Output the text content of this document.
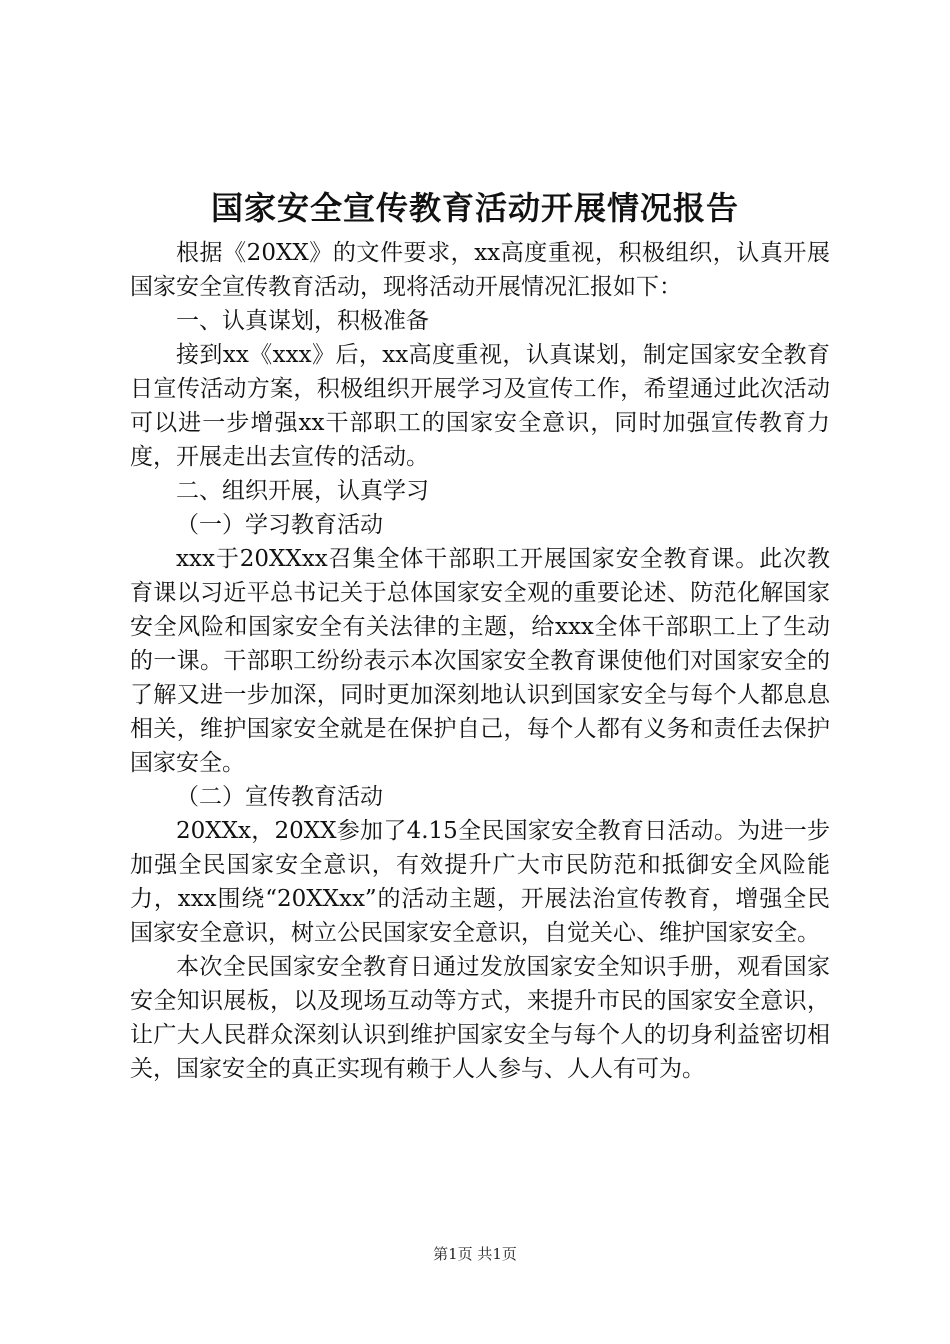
国家安全宣传教育活动开展情况报告

根据《20XX》的文件要求，xx高度重视，积极组织，认真开展国家安全宣传教育活动，现将活动开展情况汇报如下：

一、认真谋划，积极准备

接到xx《xxx》后，xx高度重视，认真谋划，制定国家安全教育日宣传活动方案，积极组织开展学习及宣传工作，希望通过此次活动可以进一步增强xx干部职工的国家安全意识，同时加强宣传教育力度，开展走出去宣传的活动。

二、组织开展，认真学习

（一）学习教育活动

xxx于20XXxx召集全体干部职工开展国家安全教育课。此次教育课以习近平总书记关于总体国家安全观的重要论述、防范化解国家安全风险和国家安全有关法律的主题，给xxx全体干部职工上了生动的一课。干部职工纷纷表示本次国家安全教育课使他们对国家安全的了解又进一步加深，同时更加深刻地认识到国家安全与每个人都息息相关，维护国家安全就是在保护自己，每个人都有义务和责任去保护国家安全。

（二）宣传教育活动

20XXx，20XX参加了4.15全民国家安全教育日活动。为进一步加强全民国家安全意识，有效提升广大市民防范和抵御安全风险能力，xxx围绕“20XXxx”的活动主题，开展法治宣传教育，增强全民国家安全意识，树立公民国家安全意识，自觉关心、维护国家安全。

本次全民国家安全教育日通过发放国家安全知识手册，观看国家安全知识展板，以及现场互动等方式，来提升市民的国家安全意识，让广大人民群众深刻认识到维护国家安全与每个人的切身利益密切相关，国家安全的真正实现有赖于人人参与、人人有可为。

第1页 共1页
